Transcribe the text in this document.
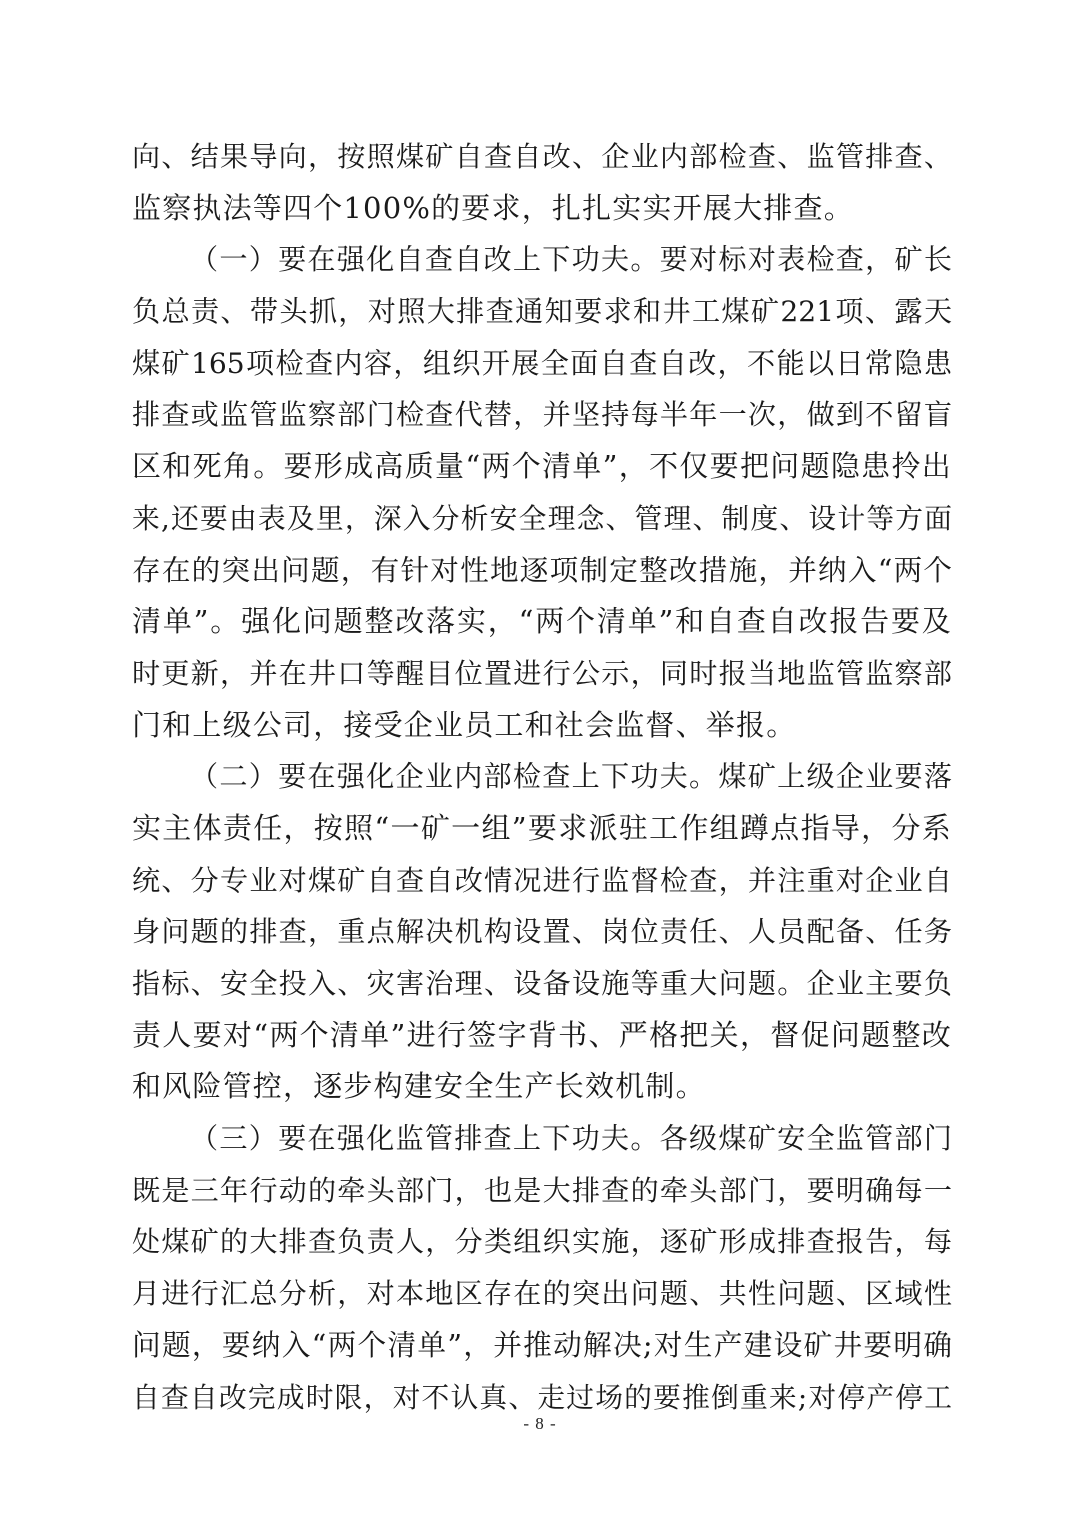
向、结果导向，按照煤矿自查自改、企业内部检查、监管排查、
监察执法等四个100%的要求，扎扎实实开展大排查。
（一）要在强化自查自改上下功夫。要对标对表检查，矿长
负总责、带头抓，对照大排查通知要求和井工煤矿221项、露天
煤矿165项检查内容，组织开展全面自查自改，不能以日常隐患
排查或监管监察部门检查代替，并坚持每半年一次，做到不留盲
区和死角。要形成高质量“两个清单”，不仅要把问题隐患拎出
来,还要由表及里，深入分析安全理念、管理、制度、设计等方面
存在的突出问题，有针对性地逐项制定整改措施，并纳入“两个
清单”。强化问题整改落实，“两个清单”和自查自改报告要及
时更新，并在井口等醒目位置进行公示，同时报当地监管监察部
门和上级公司，接受企业员工和社会监督、举报。
（二）要在强化企业内部检查上下功夫。煤矿上级企业要落
实主体责任，按照“一矿一组”要求派驻工作组蹲点指导，分系
统、分专业对煤矿自查自改情况进行监督检查，并注重对企业自
身问题的排查，重点解决机构设置、岗位责任、人员配备、任务
指标、安全投入、灾害治理、设备设施等重大问题。企业主要负
责人要对“两个清单”进行签字背书、严格把关，督促问题整改
和风险管控，逐步构建安全生产长效机制。
（三）要在强化监管排查上下功夫。各级煤矿安全监管部门
既是三年行动的牵头部门，也是大排查的牵头部门，要明确每一
处煤矿的大排查负责人，分类组织实施，逐矿形成排查报告，每
月进行汇总分析，对本地区存在的突出问题、共性问题、区域性
问题，要纳入“两个清单”，并推动解决;对生产建设矿井要明确
自查自改完成时限，对不认真、走过场的要推倒重来;对停产停工
- 8 -
